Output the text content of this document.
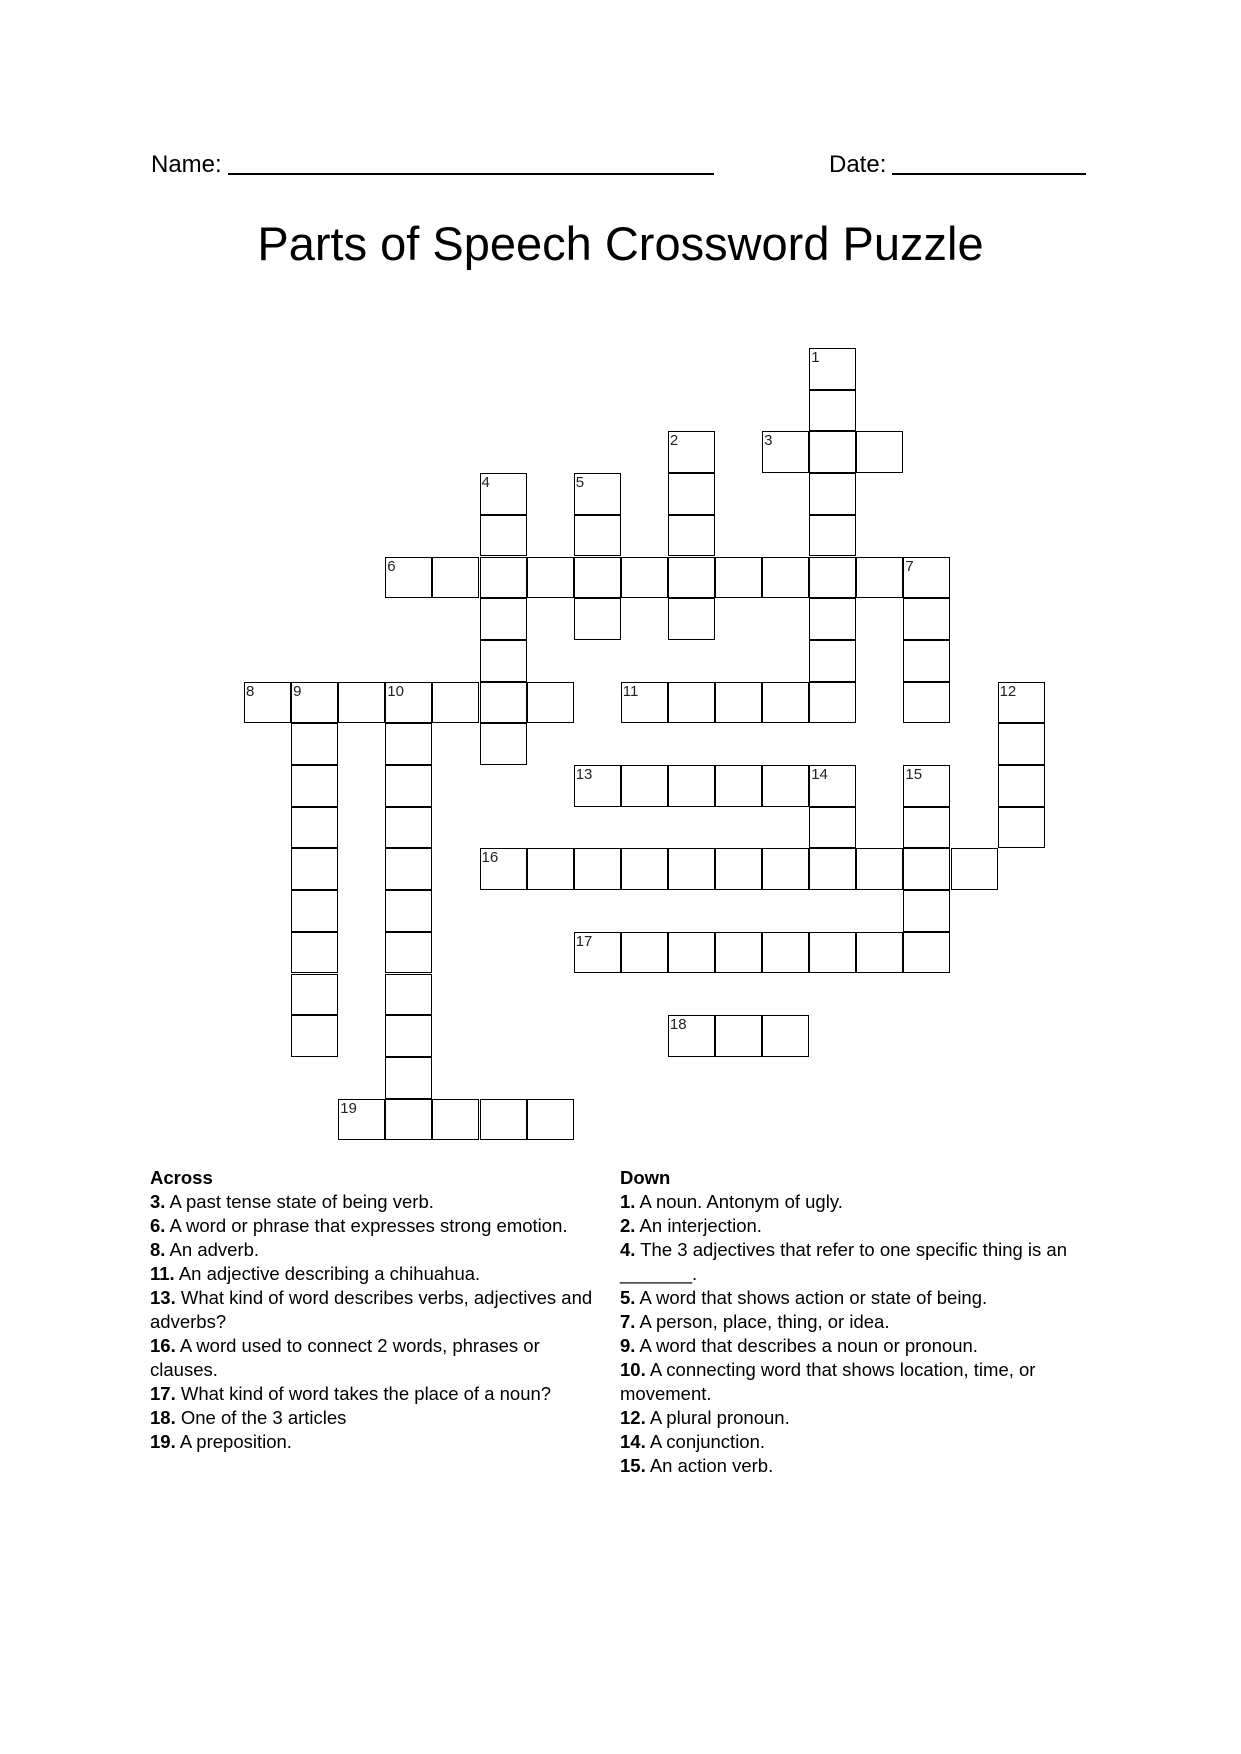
Name:	Date:
Parts of Speech Crossword Puzzle
1
2	3
4	5
6	7
8	9	10	11	12
13	14	15
16
17
18
19
Across
3. A past tense state of being verb.
6. A word or phrase that expresses strong emotion.
8. An adverb.
11. An adjective describing a chihuahua.
13. What kind of word describes verbs, adjectives and adverbs?
16. A word used to connect 2 words, phrases or clauses.
17. What kind of word takes the place of a noun?
18. One of the 3 articles
19. A preposition.
Down
1. A noun. Antonym of ugly.
2. An interjection.
4. The 3 adjectives that refer to one specific thing is an _______.
5. A word that shows action or state of being.
7. A person, place, thing, or idea.
9. A word that describes a noun or pronoun.
10. A connecting word that shows location, time, or movement.
12. A plural pronoun.
14. A conjunction.
15. An action verb.
